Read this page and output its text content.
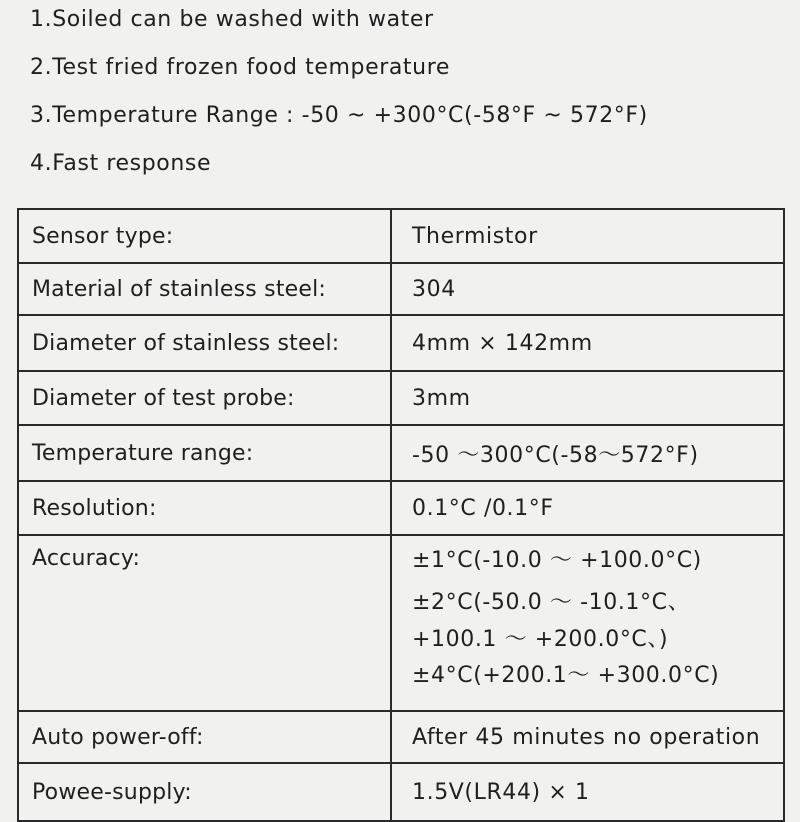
1.Soiled can be washed with water
2.Test fried frozen food temperature
3.Temperature Range : -50 ~ +300°C(-58°F ~ 572°F)
4.Fast response
Sensor type:	Thermistor
Material of stainless steel:	304
Diameter of stainless steel:	4mm × 142mm
Diameter of test probe:	3mm
Temperature range:	-50 ～300°C(-58～572°F)
Resolution:	0.1°C /0.1°F
Accuracy:	±1°C(-10.0 ～ +100.0°C)
±2°C(-50.0 ～ -10.1°C、
+100.1 ～ +200.0°C、)
±4°C(+200.1～ +300.0°C)

Auto power-off:	After 45 minutes no operation
Powee-supply:	1.5V(LR44) × 1
